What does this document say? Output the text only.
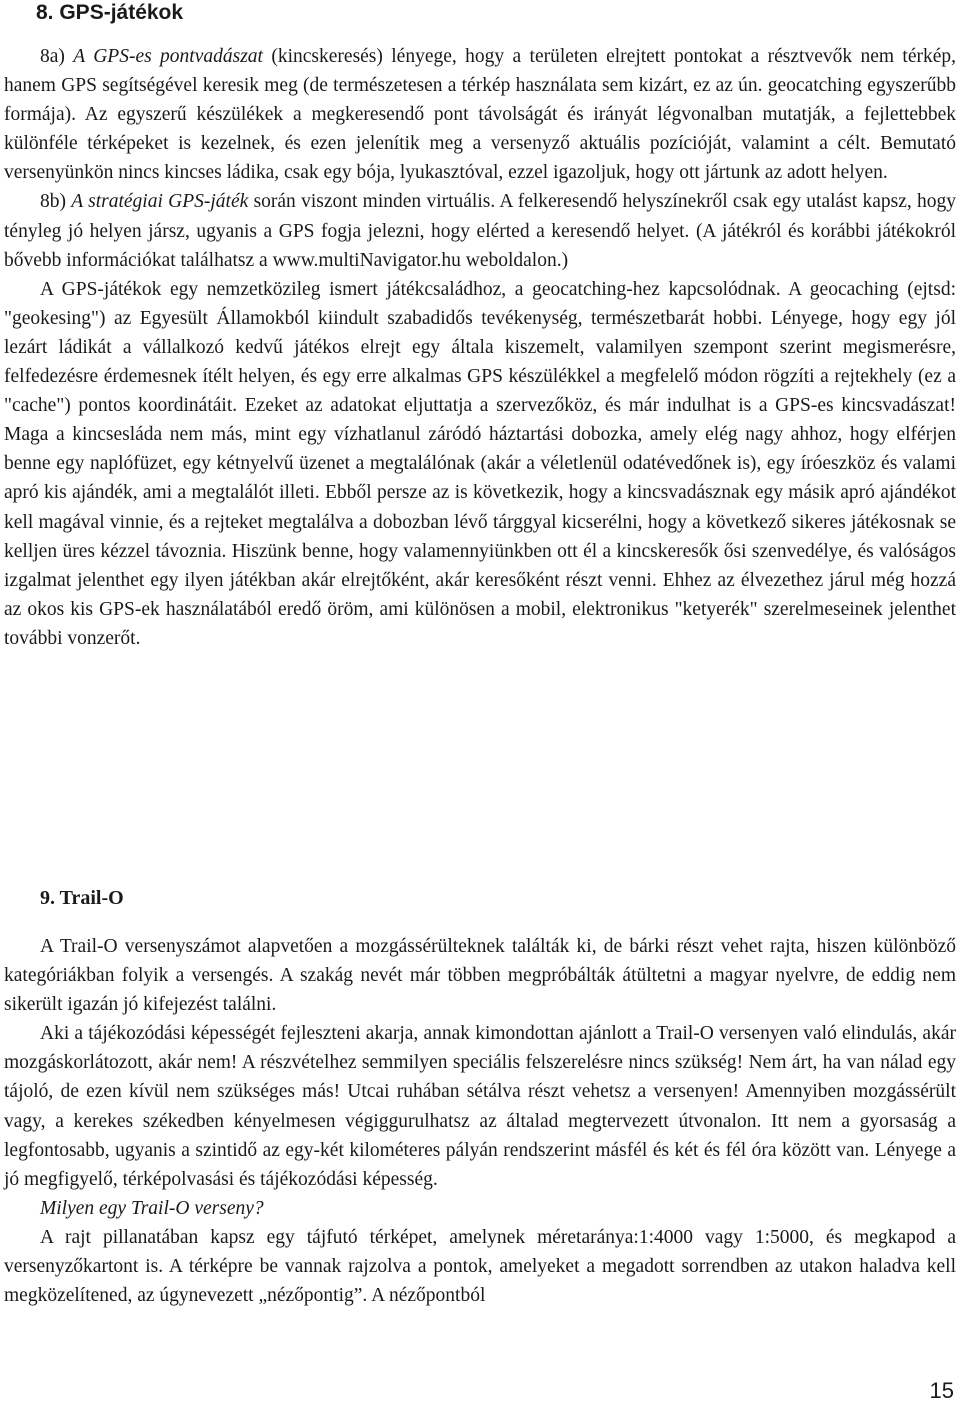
8. GPS-játékok

8a) A GPS-es pontvadászat (kincskeresés) lényege, hogy a területen elrejtett pontokat a résztvevők nem térkép, hanem GPS segítségével keresik meg (de természetesen a térkép használata sem kizárt, ez az ún. geocatching egyszerűbb formája). Az egyszerű készülékek a megkeresendő pont távolságát és irányát légvonalban mutatják, a fejlettebbek különféle térképeket is kezelnek, és ezen jelenítik meg a versenyző aktuális pozícióját, valamint a célt. Bemutató versenyünkön nincs kincses ládika, csak egy bója, lyukasztóval, ezzel igazoljuk, hogy ott jártunk az adott helyen.

8b) A stratégiai GPS-játék során viszont minden virtuális. A felkeresendő helyszínekről csak egy utalást kapsz, hogy tényleg jó helyen jársz, ugyanis a GPS fogja jelezni, hogy elérted a keresendő helyet. (A játékról és korábbi játékokról bővebb információkat találhatsz a www.multiNavigator.hu weboldalon.)

A GPS-játékok egy nemzetközileg ismert játékcsaládhoz, a geocatching-hez kapcsolódnak. A geocaching (ejtsd: "geokesing") az Egyesült Államokból kiindult szabadidős tevékenység, természetbarát hobbi. Lényege, hogy egy jól lezárt ládikát a vállalkozó kedvű játékos elrejt egy általa kiszemelt, valamilyen szempont szerint megismerésre, felfedezésre érdemesnek ítélt helyen, és egy erre alkalmas GPS készülékkel a megfelelő módon rögzíti a rejtekhely (ez a "cache") pontos koordinátáit. Ezeket az adatokat eljuttatja a szervezőköz, és már indulhat is a GPS-es kincsvadászat! Maga a kincsesláda nem más, mint egy vízhatlanul záródó háztartási dobozka, amely elég nagy ahhoz, hogy elférjen benne egy naplófüzet, egy kétnyelvű üzenet a megtalálónak (akár a véletlenül odatévedőnek is), egy íróeszköz és valami apró kis ajándék, ami a megtalálót illeti. Ebből persze az is következik, hogy a kincsvadásznak egy másik apró ajándékot kell magával vinnie, és a rejteket megtalálva a dobozban lévő tárggyal kicserélni, hogy a következő sikeres játékosnak se kelljen üres kézzel távoznia. Hiszünk benne, hogy valamennyiünkben ott él a kincskeresők ősi szenvedélye, és valóságos izgalmat jelenthet egy ilyen játékban akár elrejtőként, akár keresőként részt venni. Ehhez az élvezethez járul még hozzá az okos kis GPS-ek használatából eredő öröm, ami különösen a mobil, elektronikus "ketyerék" szerelmeseinek jelenthet további vonzerőt.

9. Trail-O

A Trail-O versenyszámot alapvetően a mozgássérülteknek találták ki, de bárki részt vehet rajta, hiszen különböző kategóriákban folyik a versengés. A szakág nevét már többen megpróbálták átültetni a magyar nyelvre, de eddig nem sikerült igazán jó kifejezést találni.

Aki a tájékozódási képességét fejleszteni akarja, annak kimondottan ajánlott a Trail-O versenyen való elindulás, akár mozgáskorlátozott, akár nem! A részvételhez semmilyen speciális felszerelésre nincs szükség! Nem árt, ha van nálad egy tájoló, de ezen kívül nem szükséges más! Utcai ruhában sétálva részt vehetsz a versenyen! Amennyiben mozgássérült vagy, a kerekes székedben kényelmesen végiggurulhatsz az általad megtervezett útvonalon. Itt nem a gyorsaság a legfontosabb, ugyanis a szintidő az egy-két kilométeres pályán rendszerint másfél és két és fél óra között van. Lényege a jó megfigyelő, térképolvasási és tájékozódási képesség.

Milyen egy Trail-O verseny?

A rajt pillanatában kapsz egy tájfutó térképet, amelynek méretaránya:1:4000 vagy 1:5000, és megkapod a versenyzőkartont is. A térképre be vannak rajzolva a pontok, amelyeket a megadott sorrendben az utakon haladva kell megközelítened, az úgynevezett „nézőpontig”. A nézőpontból

15
